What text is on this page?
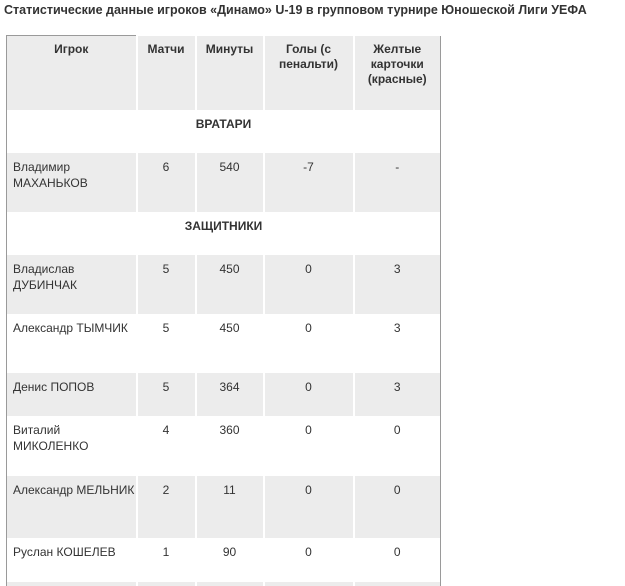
Статистические данные игроков «Динамо» U-19 в групповом турнире Юношеской Лиги УЕФА
Игрок	Матчи	Минуты	Голы (с пенальти)	Желтые карточки (красные)
ВРАТАРИ				
Владимир МАХАНЬКОВ	6	540	-7	-
ЗАЩИТНИКИ				
Владислав ДУБИНЧАК	5	450	0	3
Александр ТЫМЧИК	5	450	0	3
Денис ПОПОВ	5	364	0	3
Виталий МИКОЛЕНКО	4	360	0	0
Александр МЕЛЬНИК	2	11	0	0
Руслан КОШЕЛЕВ	1	90	0	0
